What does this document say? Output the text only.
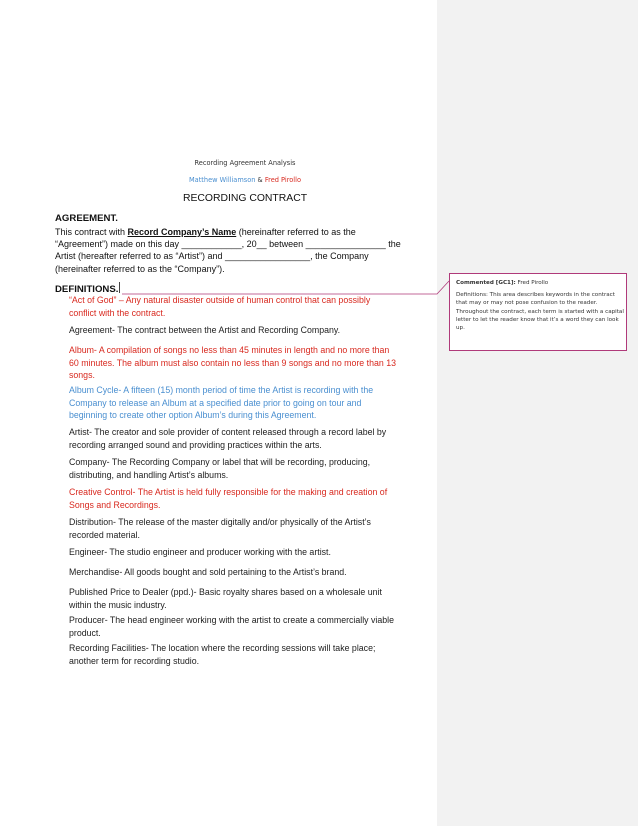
Recording Agreement Analysis
Matthew Williamson & Fred Pirollo
RECORDING CONTRACT
AGREEMENT.
This contract with Record Company’s Name (hereinafter referred to as the
“Agreement”) made on this day ____________, 20__ between ________________ the
Artist (hereafter referred to as “Artist”) and _________________, the Company
(hereinafter referred to as the “Company”).
DEFINITIONS.
“Act of God” – Any natural disaster outside of human control that can possibly
conflict with the contract.
Agreement- The contract between the Artist and Recording Company.
Album- A compilation of songs no less than 45 minutes in length and no more than
60 minutes. The album must also contain no less than 9 songs and no more than 13
songs.
Album Cycle- A fifteen (15) month period of time the Artist is recording with the
Company to release an Album at a specified date prior to going on tour and
beginning to create other option Album’s during this Agreement.
Artist- The creator and sole provider of content released through a record label by
recording arranged sound and providing practices within the arts.
Company- The Recording Company or label that will be recording, producing,
distributing, and handling Artist’s albums.
Creative Control- The Artist is held fully responsible for the making and creation of
Songs and Recordings.
Distribution- The release of the master digitally and/or physically of the Artist’s
recorded material.
Engineer- The studio engineer and producer working with the artist.
Merchandise- All goods bought and sold pertaining to the Artist’s brand.
Published Price to Dealer (ppd.)- Basic royalty shares based on a wholesale unit
within the music industry.
Producer- The head engineer working with the artist to create a commercially viable
product.
Recording Facilities- The location where the recording sessions will take place;
another term for recording studio.
Commented [GC1]: Fred Pirollo
Definitions: This area describes keywords in the contract
that may or may not pose confusion to the reader.
Throughout the contract, each term is started with a capital
letter to let the reader know that it’s a word they can look
up.
